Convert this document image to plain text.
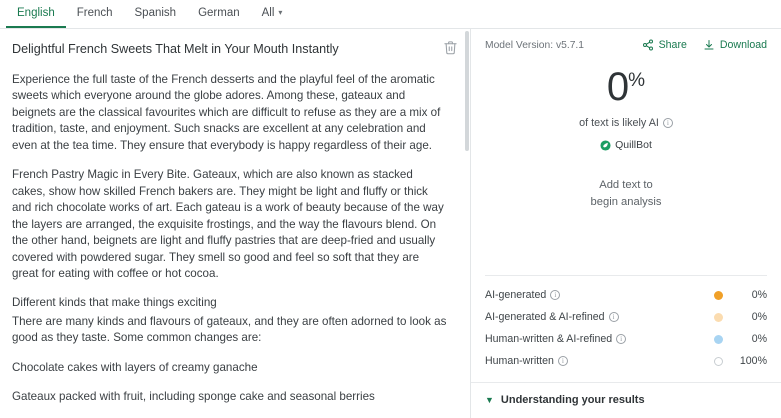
English French Spanish German All ▾
Delightful French Sweets That Melt in Your Mouth Instantly

Experience the full taste of the French desserts and the playful feel of the aromatic sweets which everyone around the globe adores. Among these, gateaux and beignets are the classical favourites which are difficult to refuse as they are a mix of tradition, taste, and enjoyment. Such snacks are excellent at any celebration and even at the tea time. They ensure that everybody is happy regardless of their age.

French Pastry Magic in Every Bite. Gateaux, which are also known as stacked cakes, show how skilled French bakers are. They might be light and fluffy or thick and rich chocolate works of art. Each gateau is a work of beauty because of the way the layers are arranged, the exquisite frostings, and the way the flavours blend. On the other hand, beignets are light and fluffy pastries that are deep-fried and usually covered with powdered sugar. They smell so good and feel so soft that they are great for eating with coffee or hot cocoa.

Different kinds that make things exciting

There are many kinds and flavours of gateaux, and they are often adorned to look as good as they taste. Some common changes are:

Chocolate cakes with layers of creamy ganache

Gateaux packed with fruit, including sponge cake and seasonal berries

Model Version: v5.7.1	Share	Download
0%
of text is likely AI	i
QuillBot
Add text to
begin analysis
AI-generated	i	0%
AI-generated & AI-refined	i	0%
Human-written & AI-refined	i	0%
Human-written	i	100%
▼ Understanding your results
